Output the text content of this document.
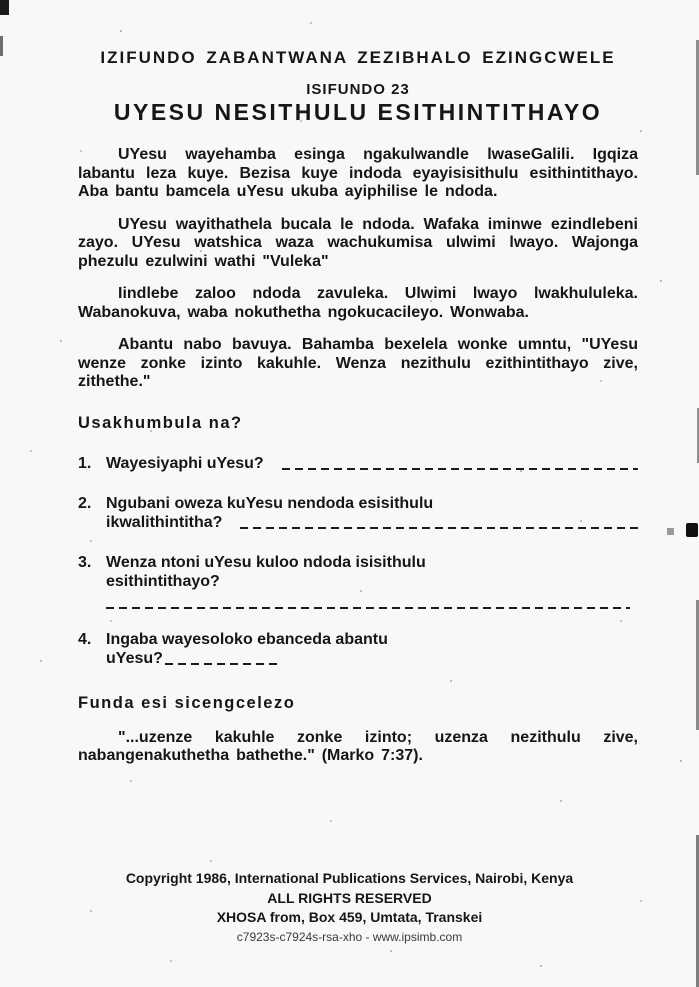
IZIFUNDO ZABANTWANA ZEZIBHALO EZINGCWELE
ISIFUNDO 23
UYESU NESITHULU ESITHINTITHAYO

UYesu wayehamba esinga ngakulwandle lwaseGalili. Igqiza labantu leza kuye. Bezisa kuye indoda eyayisisithulu esithintithayo. Aba bantu bamcela uYesu ukuba ayiphilise le ndoda.

UYesu wayithathela bucala le ndoda. Wafaka iminwe ezindlebeni zayo. UYesu watshica waza wachukumisa ulwimi lwayo. Wajonga phezulu ezulwini wathi "Vuleka"

Iindlebe zaloo ndoda zavuleka. Ulwimi lwayo lwakhululeka. Wabanokuva, waba nokuthetha ngokucacileyo. Wonwaba.

Abantu nabo bavuya. Bahamba bexelela wonke umntu, "UYesu wenze zonke izinto kakuhle. Wenza nezithulu ezithintithayo zive, zithethe."

Usakhumbula na?
1. Wayesiyaphi uYesu?
2. Ngubani oweza kuYesu nendoda esisithulu
ikwalithintitha?
3. Wenza ntoni uYesu kuloo ndoda isisithulu
esithintithayo?
4. Ingaba wayesoloko ebanceda abantu
uYesu?
Funda esi sicengcelezo

"...uzenze kakuhle zonke izinto; uzenza nezithulu zive, nabangenakuthetha bathethe." (Marko 7:37).

Copyright 1986, International Publications Services, Nairobi, Kenya
ALL RIGHTS RESERVED
XHOSA from, Box 459, Umtata, Transkei
c7923s-c7924s-rsa-xho - www.ipsimb.com
